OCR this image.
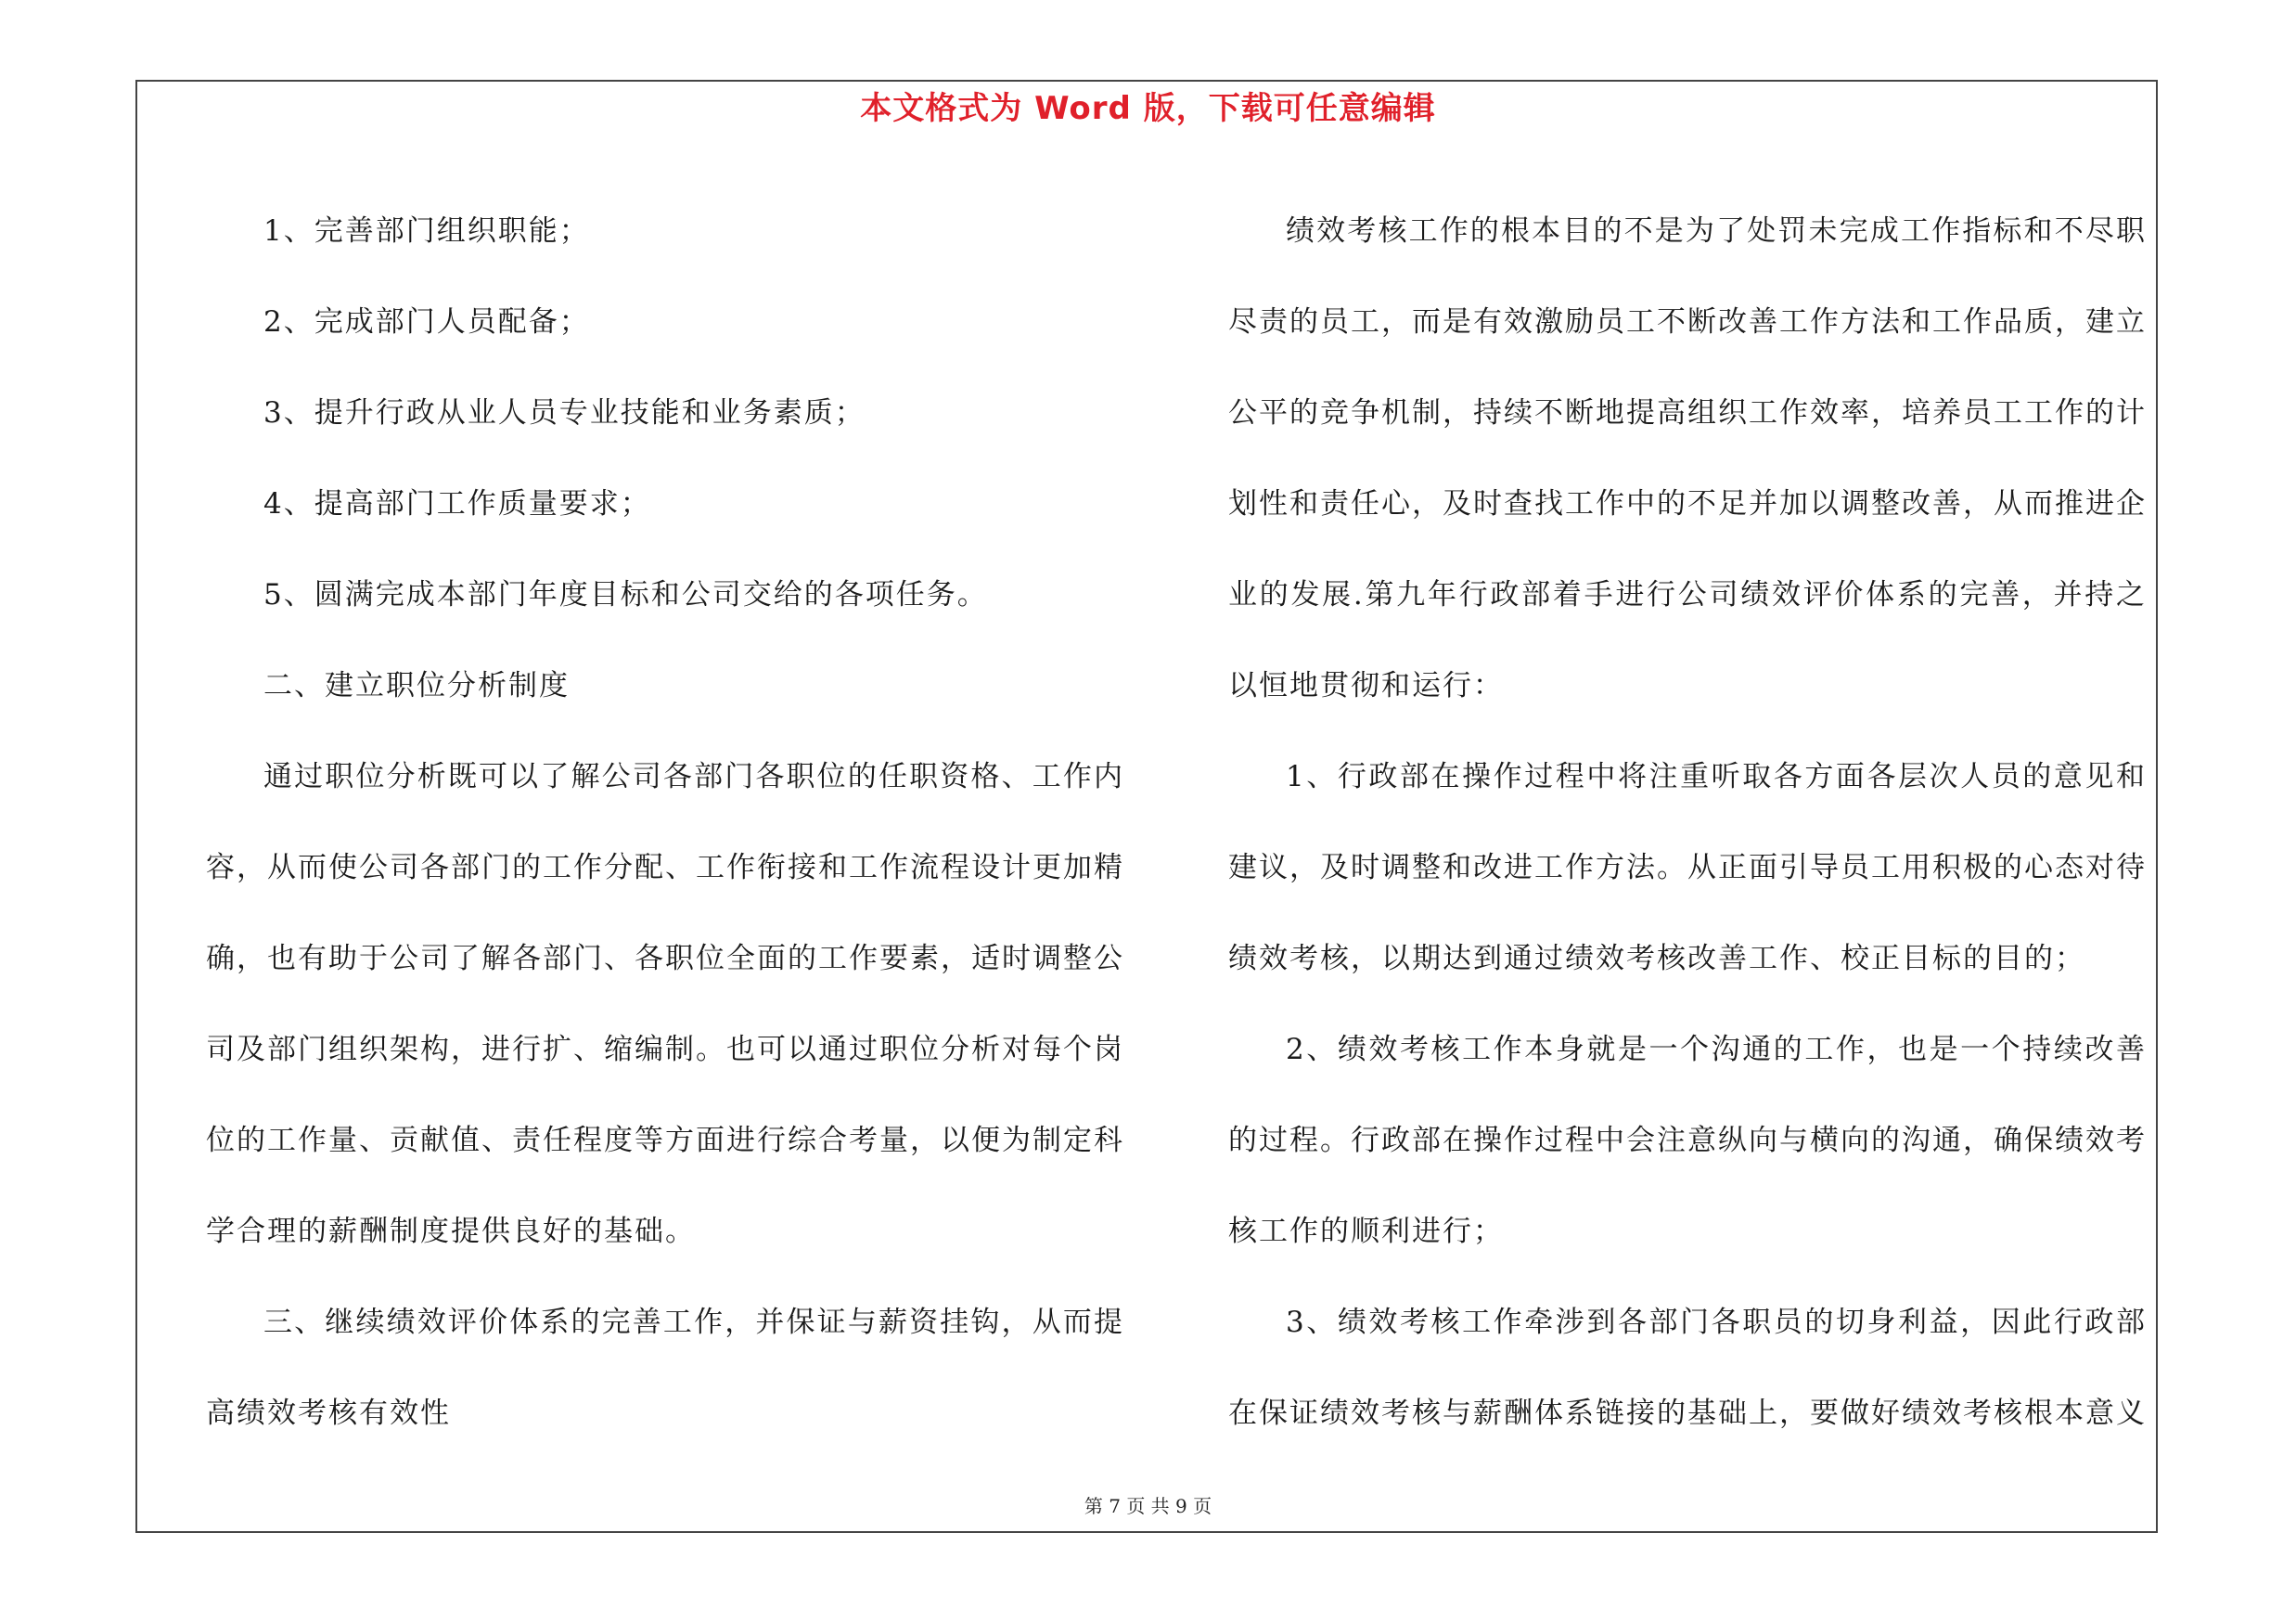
本文格式为 Word 版，下载可任意编辑

1、完善部门组织职能；

2、完成部门人员配备；

3、提升行政从业人员专业技能和业务素质；

4、提高部门工作质量要求；

5、圆满完成本部门年度目标和公司交给的各项任务。

二、建立职位分析制度

通过职位分析既可以了解公司各部门各职位的任职资格、工作内容，从而使公司各部门的工作分配、工作衔接和工作流程设计更加精确，也有助于公司了解各部门、各职位全面的工作要素，适时调整公司及部门组织架构，进行扩、缩编制。也可以通过职位分析对每个岗位的工作量、贡献值、责任程度等方面进行综合考量，以便为制定科学合理的薪酬制度提供良好的基础。

三、继续绩效评价体系的完善工作，并保证与薪资挂钩，从而提高绩效考核有效性

绩效考核工作的根本目的不是为了处罚未完成工作指标和不尽职尽责的员工，而是有效激励员工不断改善工作方法和工作品质，建立公平的竞争机制，持续不断地提高组织工作效率，培养员工工作的计划性和责任心，及时查找工作中的不足并加以调整改善，从而推进企业的发展.第九年行政部着手进行公司绩效评价体系的完善，并持之以恒地贯彻和运行：

1、行政部在操作过程中将注重听取各方面各层次人员的意见和建议，及时调整和改进工作方法。从正面引导员工用积极的心态对待绩效考核，以期达到通过绩效考核改善工作、校正目标的目的；

2、绩效考核工作本身就是一个沟通的工作，也是一个持续改善的过程。行政部在操作过程中会注意纵向与横向的沟通，确保绩效考核工作的顺利进行；

3、绩效考核工作牵涉到各部门各职员的切身利益，因此行政部在保证绩效考核与薪酬体系链接的基础上，要做好绩效考核根本意义

第 7 页 共 9 页
